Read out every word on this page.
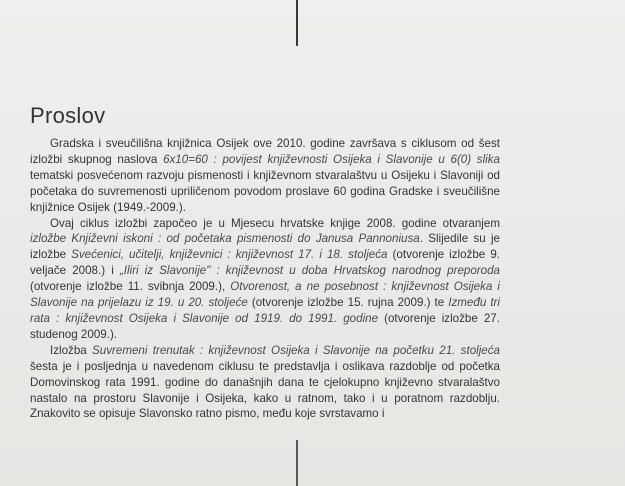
Proslov

Gradska i sveučilišna knjižnica Osijek ove 2010. godine završava s ciklusom od šest izložbi skupnog naslova 6x10=60 : povijest književnosti Osijeka i Slavonije u 6(0) slika tematski posvećenom razvoju pismenosti i književnom stvaralaštvu u Osijeku i Slavoniji od početaka do suvremenosti upriličenom povodom proslave 60 godina Gradske i sveučilišne knjižnice Osijek (1949.-2009.).

Ovaj ciklus izložbi započeo je u Mjesecu hrvatske knjige 2008. godine otvaranjem izložbe Književni iskoni : od početaka pismenosti do Janusa Pannoniusa. Slijedile su je izložbe Svećenici, učitelji, književnici : književnost 17. i 18. stoljeća (otvorenje izložbe 9. veljače 2008.) i „Iliri iz Slavonije" : književnost u doba Hrvatskog narodnog preporoda (otvorenje izložbe 11. svibnja 2009.), Otvorenost, a ne posebnost : književnost Osijeka i Slavonije na prijelazu iz 19. u 20. stoljeće (otvorenje izložbe 15. rujna 2009.) te Između tri rata : književnost Osijeka i Slavonije od 1919. do 1991. godine (otvorenje izložbe 27. studenog 2009.).

Izložba Suvremeni trenutak : književnost Osijeka i Slavonije na početku 21. stoljeća šesta je i posljednja u navedenom ciklusu te predstavlja i oslikava razdoblje od početka Domovinskog rata 1991. godine do današnjih dana te cjelokupno književno stvaralaštvo nastalo na prostoru Slavonije i Osijeka, kako u ratnom, tako i u poratnom razdoblju. Znakovito se opisuje Slavonsko ratno pismo, među koje svrstavamo i
